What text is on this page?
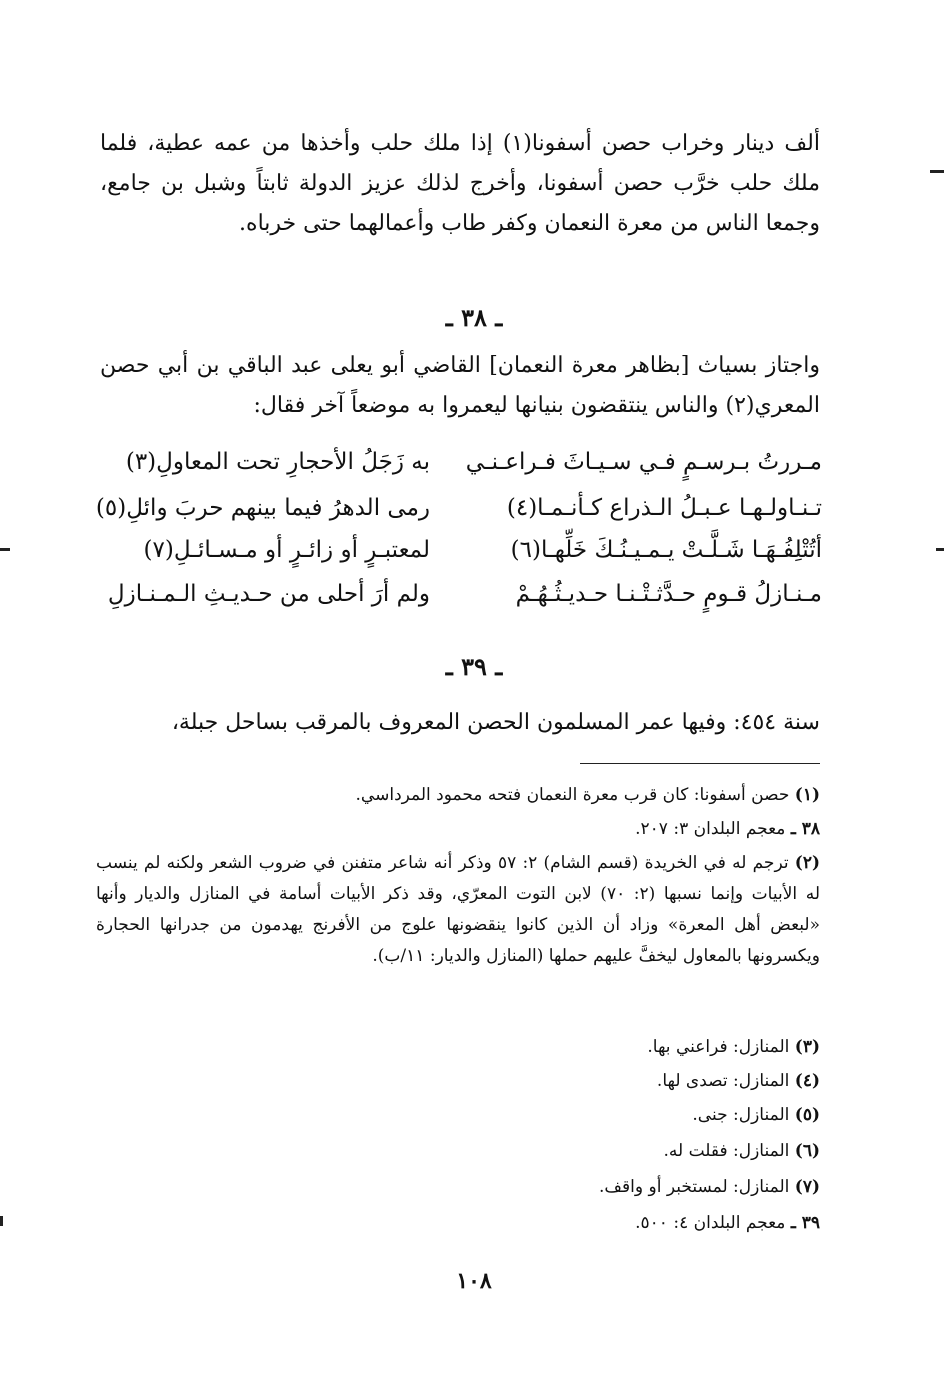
ألف دينار وخراب حصن أسفونا(١) إذا ملك حلب وأخذها من عمه عطية، فلما ملك حلب خرَّب حصن أسفونا، وأخرج لذلك عزيز الدولة ثابتاً وشبل بن جامع، وجمعا الناس من معرة النعمان وكفر طاب وأعمالهما حتى خرباه.

ـ ٣٨ ـ

واجتاز بسياث [بظاهر معرة النعمان] القاضي أبو يعلى عبد الباقي بن أبي حصن المعري(٢) والناس ينتقضون بنيانها ليعمروا به موضعاً آخر فقال:

مـررتُ بـرسـمٍ فـي سـيـاثَ فـراعـنـي
به زَجَلُ الأحجارِ تحت المعاولِ(٣)
تـنـاولـهـا عـبـلُ الـذراع كـأنـمـا(٤)
رمى الدهرُ فيما بينهم حربَ وائلِ(٥)
أتُتْلِفُـهَـا شَـلَّـتْ يـمـيـنُـكَ خَلِّهـا(٦)
لمعتبـرٍ أو زائـرٍ أو مـسـائـلِ(٧)
مـنـازلُ قـومٍ حـدَّثـتْـنـا حـديـثُـهُـمْ
ولم أرَ أحلى من حـديـثِ الـمـنـازلِ

ـ ٣٩ ـ

سنة ٤٥٤: وفيها عمر المسلمون الحصن المعروف بالمرقب بساحل جبلة،

(١) حصن أسفونا: كان قرب معرة النعمان فتحه محمود المرداسي.

٣٨ ـ معجم البلدان ٣: ٢٠٧.

(٢) ترجم له في الخريدة (قسم الشام) ٢: ٥٧ وذكر أنه شاعر متفنن في ضروب الشعر ولكنه لم ينسب له الأبيات وإنما نسبها (٢: ٧٠) لابن التوت المعرّي، وقد ذكر الأبيات أسامة في المنازل والديار وأنها «لبعض أهل المعرة» وزاد أن الذين كانوا ينقضونها علوج من الأفرنج يهدمون من جدرانها الحجارة ويكسرونها بالمعاول ليخفَّ عليهم حملها (المنازل والديار: ١١/ب).

(٣) المنازل: فراعني بها.

(٤) المنازل: تصدى لها.

(٥) المنازل: جنى.

(٦) المنازل: فقلت له.

(٧) المنازل: لمستخبر أو واقف.

٣٩ ـ معجم البلدان ٤: ٥٠٠.

١٠٨
